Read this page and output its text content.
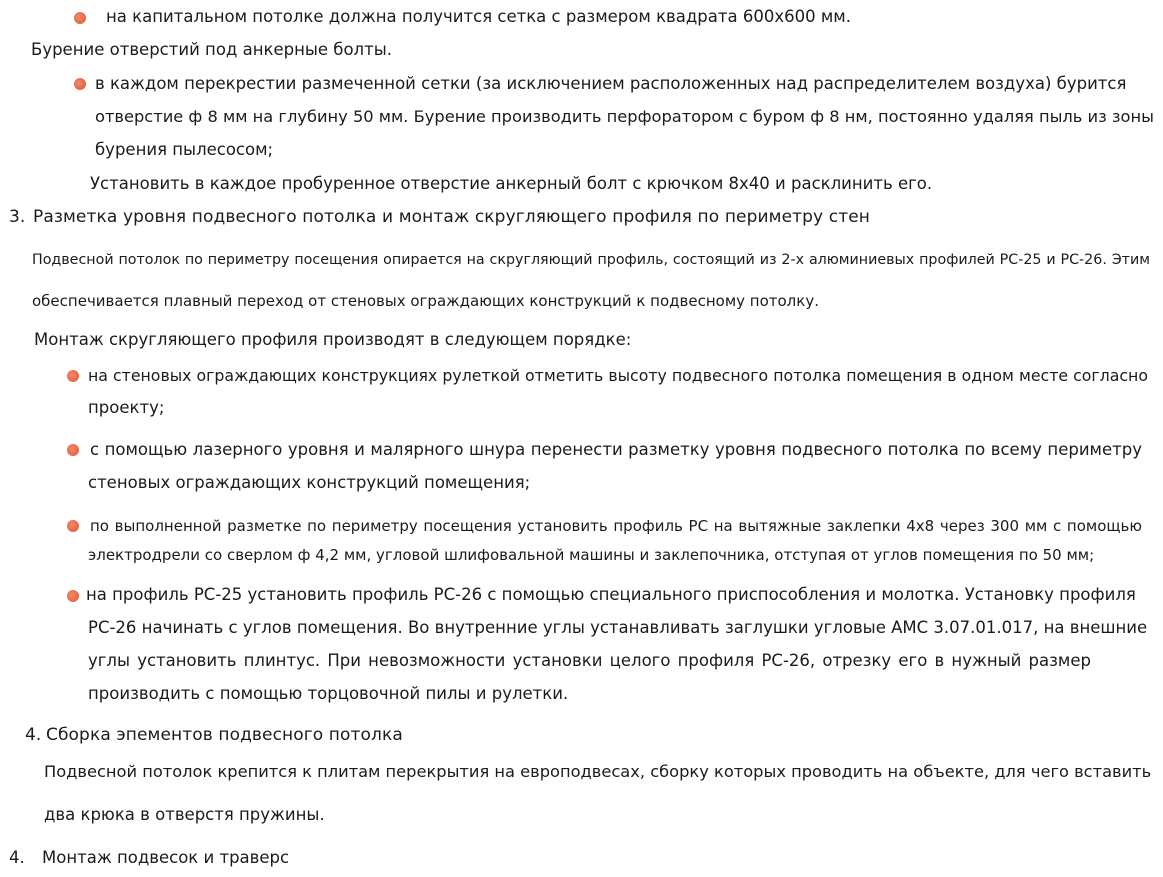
на капитальном потолке должна получится сетка с размером квадрата 600х600 мм.
Бурение отверстий под анкерные болты.
в каждом перекрестии размеченной сетки (за исключением расположенных над распределителем воздуха) бурится
отверстие ф 8 мм на глубину 50 мм. Бурение производить перфоратором с буром ф 8 нм, постоянно удаляя пыль из зоны
бурения пылесосом;
Установить в каждое пробуренное отверстие анкерный болт с крючком 8х40 и расклинить его.
3. Разметка уровня подвесного потолка и монтаж скругляющего профиля по периметру стен
Подвесной потолок по периметру посещения опирается на скругляющий профиль, состоящий из 2-х алюминиевых профилей PC-25 и PC-26. Этим
обеспечивается плавный переход от стеновых ограждающих конструкций к подвесному потолку.
Монтаж скругляющего профиля производят в следующем порядке:
на стеновых ограждающих конструкциях рулеткой отметить высоту подвесного потолка помещения в одном месте согласно
проекту;
с помощью лазерного уровня и малярного шнура перенести разметку уровня подвесного потолка по всему периметру
стеновых ограждающих конструкций помещения;
по выполненной разметке по периметру посещения установить профиль PC на вытяжные заклепки 4х8 через 300 мм с помощью
электродрели со сверлом ф 4,2 мм, угловой шлифовальной машины и заклепочника, отступая от углов помещения по 50 мм;
на профиль PC-25 установить профиль PC-26 с помощью специального приспособления и молотка. Установку профиля
PC-26 начинать с углов помещения. Во внутренние углы устанавливать заглушки угловые АМС 3.07.01.017, на внешние
углы установить плинтус. При невозможности установки целого профиля PC-26, отрезку его в нужный размер
производить с помощью торцовочной пилы и рулетки.
4. Сборка эпементов подвесного потолка
Подвесной потолок крепится к плитам перекрытия на европодвесах, сборку которых проводить на объекте, для чего вставить
два крюка в отверстя пружины.
4. Монтаж подвесок и траверс
